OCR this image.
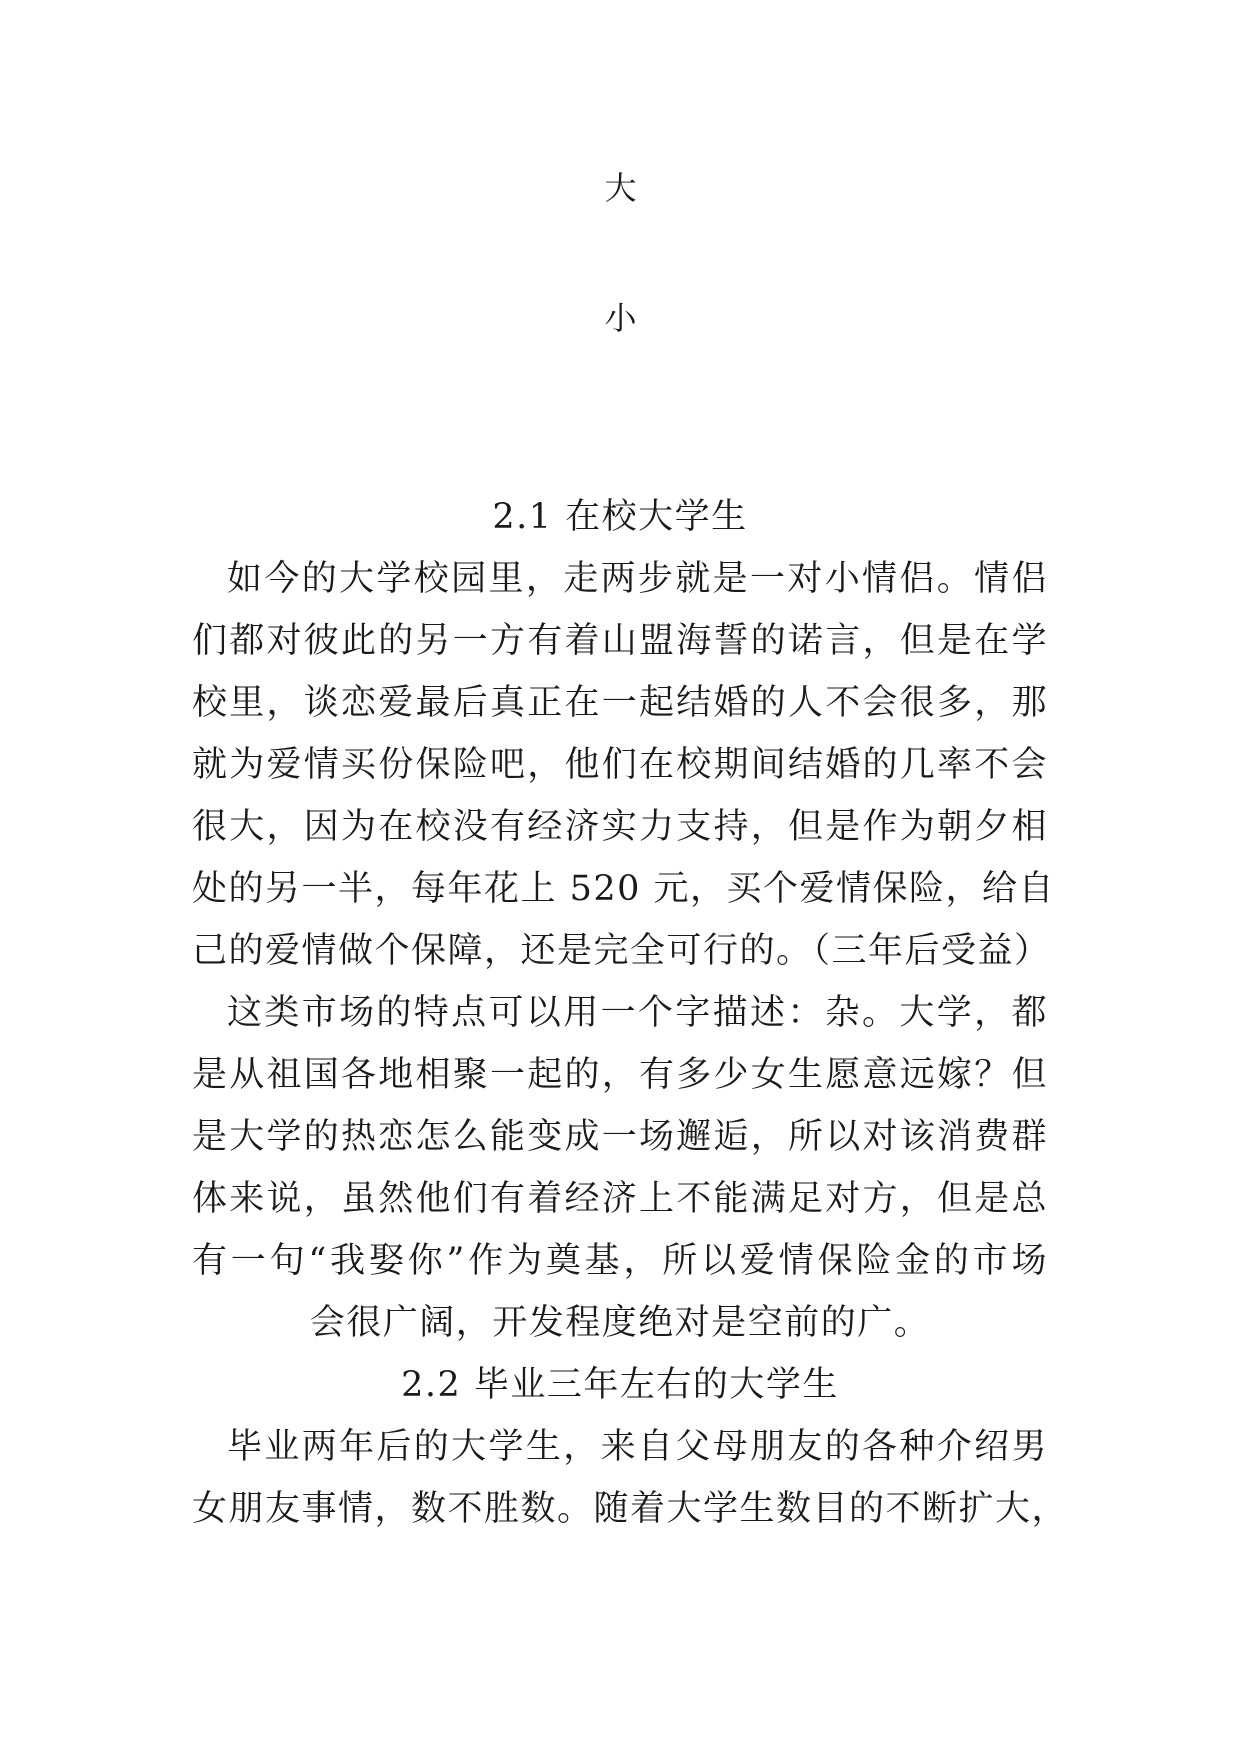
大
小
2.1 在校大学生
如今的大学校园里，走两步就是一对小情侣。情侣
们都对彼此的另一方有着山盟海誓的诺言，但是在学
校里，谈恋爱最后真正在一起结婚的人不会很多，那
就为爱情买份保险吧，他们在校期间结婚的几率不会
很大，因为在校没有经济实力支持，但是作为朝夕相
处的另一半，每年花上 520 元，买个爱情保险，给自
己的爱情做个保障，还是完全可行的。（三年后受益）
这类市场的特点可以用一个字描述：杂。大学，都
是从祖国各地相聚一起的，有多少女生愿意远嫁？但
是大学的热恋怎么能变成一场邂逅，所以对该消费群
体来说，虽然他们有着经济上不能满足对方，但是总
有一句“我娶你”作为奠基，所以爱情保险金的市场
会很广阔，开发程度绝对是空前的广。
2.2 毕业三年左右的大学生
毕业两年后的大学生，来自父母朋友的各种介绍男
女朋友事情，数不胜数。随着大学生数目的不断扩大，
